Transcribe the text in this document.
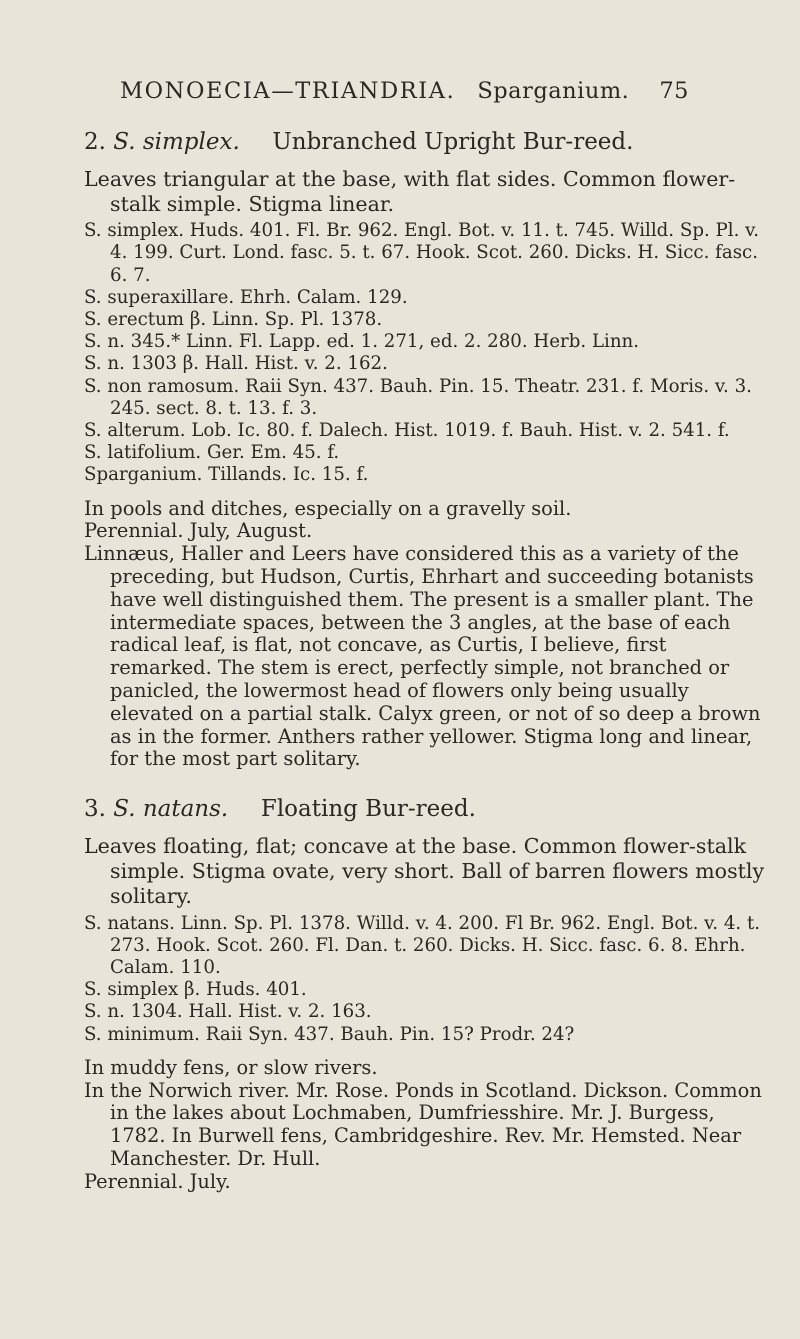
MONOECIA—TRIANDRIA. Sparganium. 75
2. S. simplex. Unbranched Upright Bur-reed.

Leaves triangular at the base, with flat sides. Common flower-stalk simple. Stigma linear.

S. simplex. Huds. 401. Fl. Br. 962. Engl. Bot. v. 11. t. 745. Willd. Sp. Pl. v. 4. 199. Curt. Lond. fasc. 5. t. 67. Hook. Scot. 260. Dicks. H. Sicc. fasc. 6. 7.

S. superaxillare. Ehrh. Calam. 129.

S. erectum β. Linn. Sp. Pl. 1378.

S. n. 345.* Linn. Fl. Lapp. ed. 1. 271, ed. 2. 280. Herb. Linn.

S. n. 1303 β. Hall. Hist. v. 2. 162.

S. non ramosum. Raii Syn. 437. Bauh. Pin. 15. Theatr. 231. f. Moris. v. 3. 245. sect. 8. t. 13. f. 3.

S. alterum. Lob. Ic. 80. f. Dalech. Hist. 1019. f. Bauh. Hist. v. 2. 541. f.

S. latifolium. Ger. Em. 45. f.

Sparganium. Tillands. Ic. 15. f.

In pools and ditches, especially on a gravelly soil.

Perennial. July, August.

Linnæus, Haller and Leers have considered this as a variety of the preceding, but Hudson, Curtis, Ehrhart and succeeding botanists have well distinguished them. The present is a smaller plant. The intermediate spaces, between the 3 angles, at the base of each radical leaf, is flat, not concave, as Curtis, I believe, first remarked. The stem is erect, perfectly simple, not branched or panicled, the lowermost head of flowers only being usually elevated on a partial stalk. Calyx green, or not of so deep a brown as in the former. Anthers rather yellower. Stigma long and linear, for the most part solitary.

3. S. natans. Floating Bur-reed.

Leaves floating, flat; concave at the base. Common flower-stalk simple. Stigma ovate, very short. Ball of barren flowers mostly solitary.

S. natans. Linn. Sp. Pl. 1378. Willd. v. 4. 200. Fl Br. 962. Engl. Bot. v. 4. t. 273. Hook. Scot. 260. Fl. Dan. t. 260. Dicks. H. Sicc. fasc. 6. 8. Ehrh. Calam. 110.

S. simplex β. Huds. 401.

S. n. 1304. Hall. Hist. v. 2. 163.

S. minimum. Raii Syn. 437. Bauh. Pin. 15? Prodr. 24?

In muddy fens, or slow rivers.

In the Norwich river. Mr. Rose. Ponds in Scotland. Dickson. Common in the lakes about Lochmaben, Dumfriesshire. Mr. J. Burgess, 1782. In Burwell fens, Cambridgeshire. Rev. Mr. Hemsted. Near Manchester. Dr. Hull.

Perennial. July.
